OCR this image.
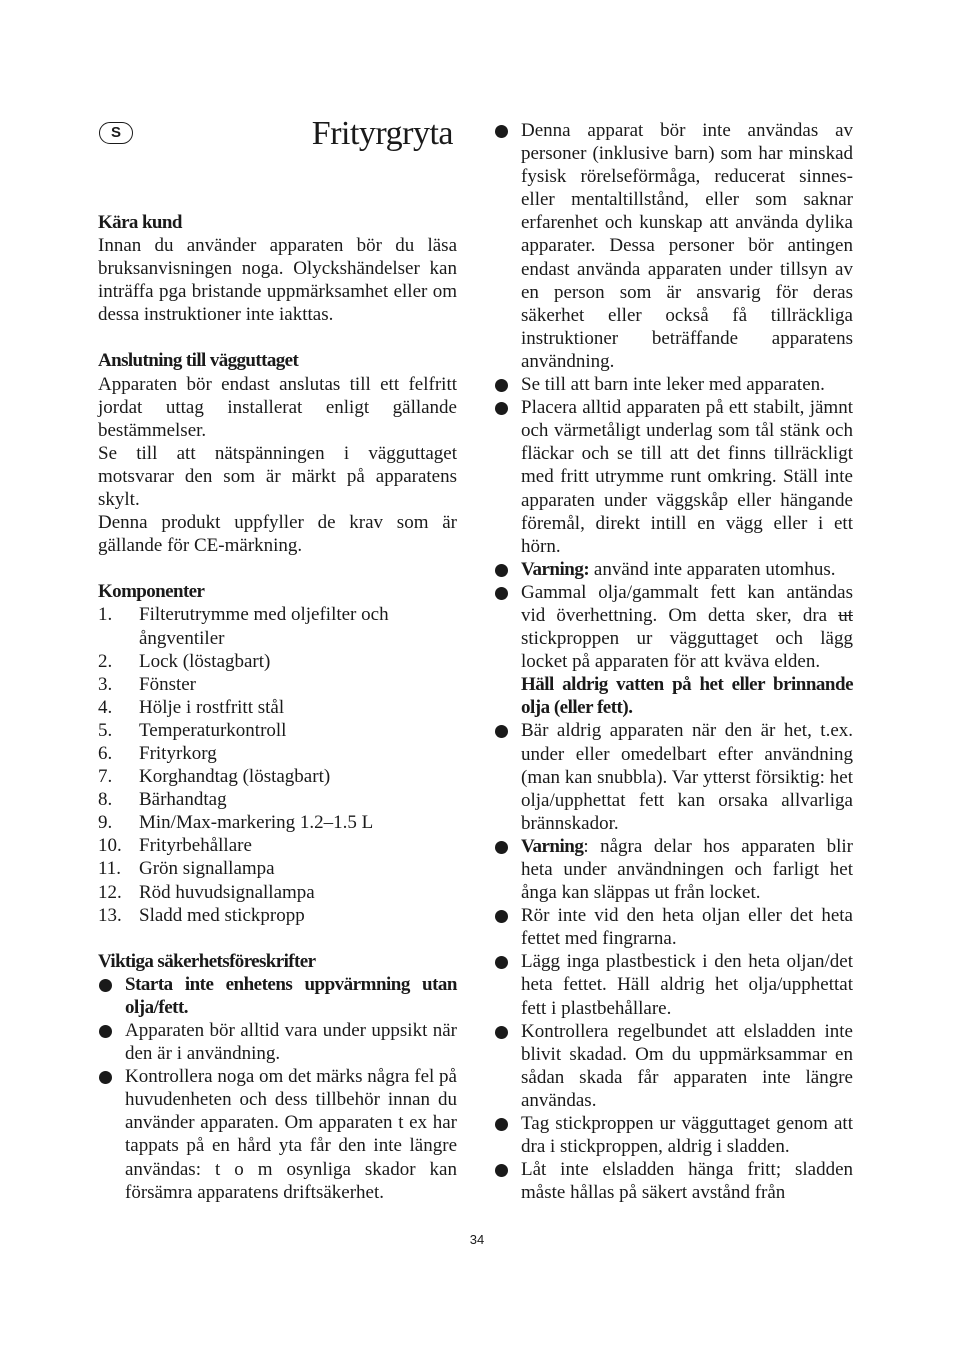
S	Frityrgryta

Kära kund

Innan du använder apparaten bör du läsa bruksanvisningen noga. Olyckshändelser kan inträffa pga bristande uppmärksamhet eller om dessa instruktioner inte iakttas.

Anslutning till vägguttaget

Apparaten bör endast anslutas till ett felfritt jordat uttag installerat enligt gällande bestämmelser.

Se till att nätspänningen i vägguttaget motsvarar den som är märkt på apparatens skylt.

Denna produkt uppfyller de krav som är gällande för CE-märkning.

Komponenter

1. Filterutrymme med oljefilter och ångventiler
2. Lock (löstagbart)
3. Fönster
4. Hölje i rostfritt stål
5. Temperaturkontroll
6. Frityrkorg
7. Korghandtag (löstagbart)
8. Bärhandtag
9. Min/Max-markering 1.2–1.5 L
10. Frityrbehållare
11. Grön signallampa
12. Röd huvudsignallampa
13. Sladd med stickpropp

Viktiga säkerhetsföreskrifter

Starta inte enhetens uppvärmning utan olja/fett.
Apparaten bör alltid vara under uppsikt när den är i användning.
Kontrollera noga om det märks några fel på huvudenheten och dess tillbehör innan du använder apparaten. Om apparaten t ex har tappats på en hård yta får den inte längre användas: t o m osynliga skador kan försämra apparatens driftsäkerhet.
Denna apparat bör inte användas av personer (inklusive barn) som har minskad fysisk rörelseförmåga, reducerat sinnes- eller mentaltillstånd, eller som saknar erfarenhet och kunskap att använda dylika apparater. Dessa personer bör antingen endast använda apparaten under tillsyn av en person som är ansvarig för deras säkerhet eller också få tillräckliga instruktioner beträffande apparatens användning.
Se till att barn inte leker med apparaten.
Placera alltid apparaten på ett stabilt, jämnt och värmetåligt underlag som tål stänk och fläckar och se till att det finns tillräckligt med fritt utrymme runt omkring. Ställ inte apparaten under väggskåp eller hängande föremål, direkt intill en vägg eller i ett hörn.
Varning: använd inte apparaten utomhus.
Gammal olja/gammalt fett kan antändas vid överhettning. Om detta sker, dra ut stickproppen ur vägguttaget och lägg locket på apparaten för att kväva elden.
Häll aldrig vatten på het eller brinnande olja (eller fett).
Bär aldrig apparaten när den är het, t.ex. under eller omedelbart efter användning (man kan snubbla). Var ytterst försiktig: het olja/upphettat fett kan orsaka allvarliga brännskador.
Varning: några delar hos apparaten blir heta under användningen och farligt het ånga kan släppas ut från locket.
Rör inte vid den heta oljan eller det heta fettet med fingrarna.
Lägg inga plastbestick i den heta oljan/det heta fettet. Häll aldrig het olja/upphettat fett i plastbehållare.
Kontrollera regelbundet att elsladden inte blivit skadad. Om du uppmärksammar en sådan skada får apparaten inte längre användas.
Tag stickproppen ur vägguttaget genom att dra i stickproppen, aldrig i sladden.
Låt inte elsladden hänga fritt; sladden måste hållas på säkert avstånd från
34
